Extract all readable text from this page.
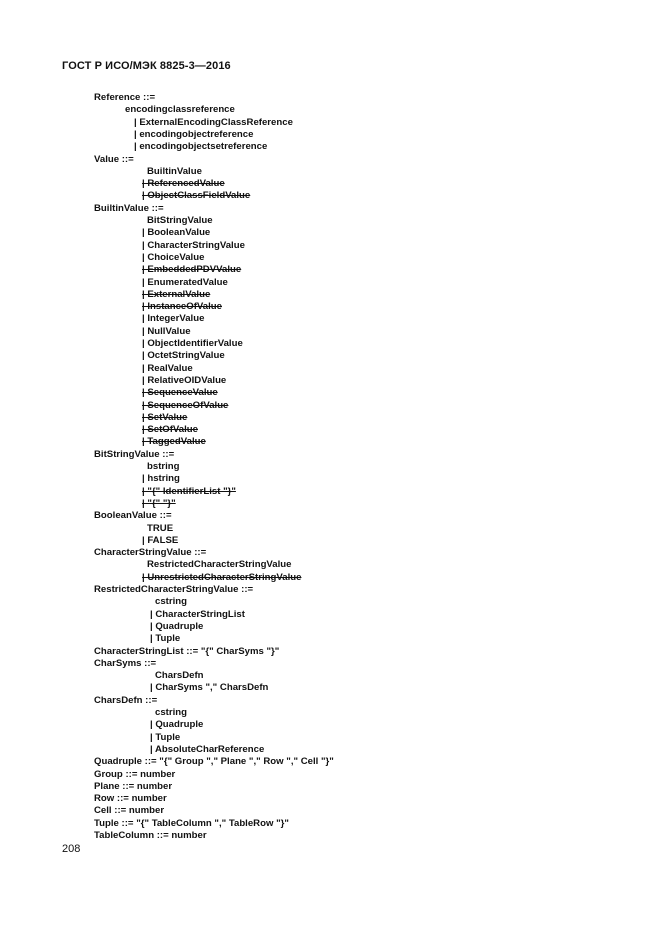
ГОСТ Р ИСО/МЭК 8825-3—2016
Reference ::=
encodingclassreference
| ExternalEncodingClassReference
| encodingobjectreference
| encodingobjectsetreference
Value ::=
BuiltinValue
| ReferencedValue
| ObjectClassFieldValue
BuiltinValue ::=
BitStringValue
| BooleanValue
| CharacterStringValue
| ChoiceValue
| EmbeddedPDVValue
| EnumeratedValue
| ExternalValue
| InstanceOfValue
| IntegerValue
| NullValue
| ObjectIdentifierValue
| OctetStringValue
| RealValue
| RelativeOIDValue
| SequenceValue
| SequenceOfValue
| SetValue
| SetOfValue
| TaggedValue
BitStringValue ::=
bstring
| hstring
| "{" IdentifierList "}"
| "{" "}"
BooleanValue ::=
TRUE
| FALSE
CharacterStringValue ::=
RestrictedCharacterStringValue
| UnrestrictedCharacterStringValue
RestrictedCharacterStringValue ::=
cstring
| CharacterStringList
| Quadruple
| Tuple
CharacterStringList ::= "{" CharSyms "}"
CharSyms ::=
CharsDefn
| CharSyms "," CharsDefn
CharsDefn ::=
cstring
| Quadruple
| Tuple
| AbsoluteCharReference
Quadruple ::= "{" Group "," Plane "," Row "," Cell "}"
Group ::= number
Plane ::= number
Row ::= number
Cell ::= number
Tuple ::= "{" TableColumn "," TableRow "}"
TableColumn ::= number
208
